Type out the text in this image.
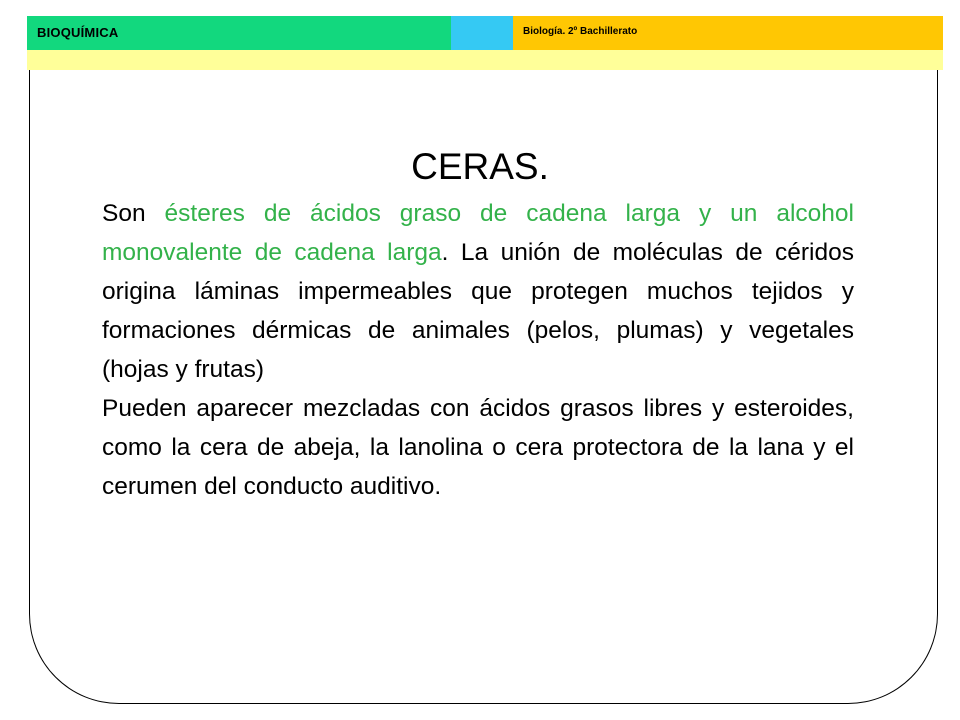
BIOQUÍMICA	Biología. 2º Bachillerato
CERAS.

Son ésteres de ácidos graso de cadena larga y un alcohol monovalente de cadena larga. La unión de moléculas de céridos origina láminas impermeables que protegen muchos tejidos y formaciones dérmicas de animales (pelos, plumas) y vegetales (hojas y frutas)

Pueden aparecer mezcladas con ácidos grasos libres y esteroides, como la cera de abeja, la lanolina o cera protectora de la lana y el cerumen del conducto auditivo.
